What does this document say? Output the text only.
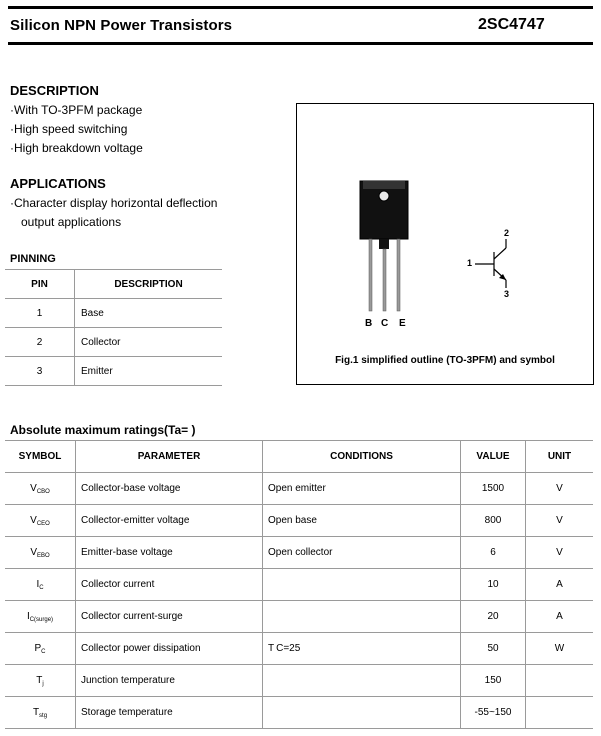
Silicon NPN Power Transistors	2SC4747
DESCRIPTION
·With TO-3PFM package
·High speed switching
·High breakdown voltage
APPLICATIONS
·Character display horizontal deflection
output applications
PINNING
PIN	DESCRIPTION
1	Base
2	Collector
3	Emitter
B C E
1
2
3
Fig.1 simplified outline (TO-3PFM) and symbol
Absolute maximum ratings(Ta= )
SYMBOL	PARAMETER	CONDITIONS	VALUE	UNIT
$V_{CBO}$	Collector-base voltage	Open emitter	1500	V
$V_{CEO}$	Collector-emitter voltage	Open base	800	V
$V_{EBO}$	Emitter-base voltage	Open collector	6	V
$I_C$	Collector current		10	A
$I_{C(surge)}$	Collector current-surge		20	A
$P_C$	Collector power dissipation	T C=25	50	W
$T_j$	Junction temperature		150	
$T_{stg}$	Storage temperature		-55~150	
